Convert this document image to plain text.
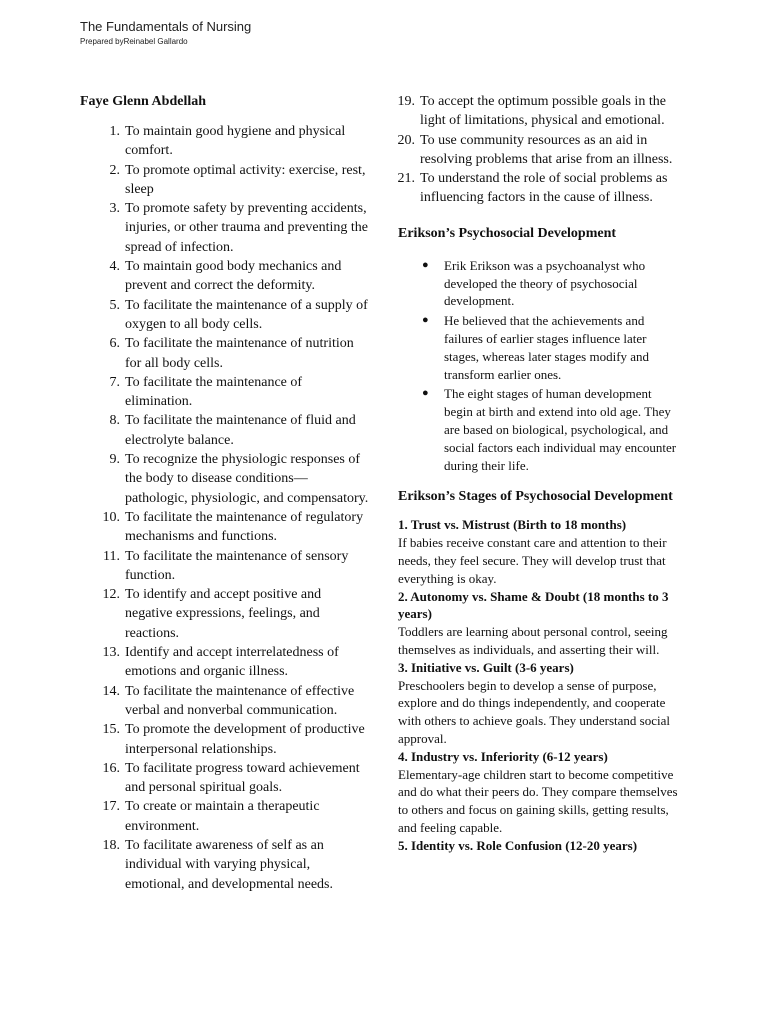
The Fundamentals of Nursing
Prepared byReinabel Gallardo
Faye Glenn Abdellah
1. To maintain good hygiene and physical comfort.
2. To promote optimal activity: exercise, rest, sleep
3. To promote safety by preventing accidents, injuries, or other trauma and preventing the spread of infection.
4. To maintain good body mechanics and prevent and correct the deformity.
5. To facilitate the maintenance of a supply of oxygen to all body cells.
6. To facilitate the maintenance of nutrition for all body cells.
7. To facilitate the maintenance of elimination.
8. To facilitate the maintenance of fluid and electrolyte balance.
9. To recognize the physiologic responses of the body to disease conditions—pathologic, physiologic, and compensatory.
10. To facilitate the maintenance of regulatory mechanisms and functions.
11. To facilitate the maintenance of sensory function.
12. To identify and accept positive and negative expressions, feelings, and reactions.
13. Identify and accept interrelatedness of emotions and organic illness.
14. To facilitate the maintenance of effective verbal and nonverbal communication.
15. To promote the development of productive interpersonal relationships.
16. To facilitate progress toward achievement and personal spiritual goals.
17. To create or maintain a therapeutic environment.
18. To facilitate awareness of self as an individual with varying physical, emotional, and developmental needs.
19. To accept the optimum possible goals in the light of limitations, physical and emotional.
20. To use community resources as an aid in resolving problems that arise from an illness.
21. To understand the role of social problems as influencing factors in the cause of illness.
Erikson’s Psychosocial Development
● Erik Erikson was a psychoanalyst who developed the theory of psychosocial development.
● He believed that the achievements and failures of earlier stages influence later stages, whereas later stages modify and transform earlier ones.
● The eight stages of human development begin at birth and extend into old age. They are based on biological, psychological, and social factors each individual may encounter during their life.
Erikson’s Stages of Psychosocial Development
1. Trust vs. Mistrust (Birth to 18 months)
If babies receive constant care and attention to their needs, they feel secure. They will develop trust that everything is okay.
2. Autonomy vs. Shame & Doubt (18 months to 3 years)
Toddlers are learning about personal control, seeing themselves as individuals, and asserting their will.
3. Initiative vs. Guilt (3-6 years)
Preschoolers begin to develop a sense of purpose, explore and do things independently, and cooperate with others to achieve goals. They understand social approval.
4. Industry vs. Inferiority (6-12 years)
Elementary-age children start to become competitive and do what their peers do. They compare themselves to others and focus on gaining skills, getting results, and feeling capable.
5. Identity vs. Role Confusion (12-20 years)
